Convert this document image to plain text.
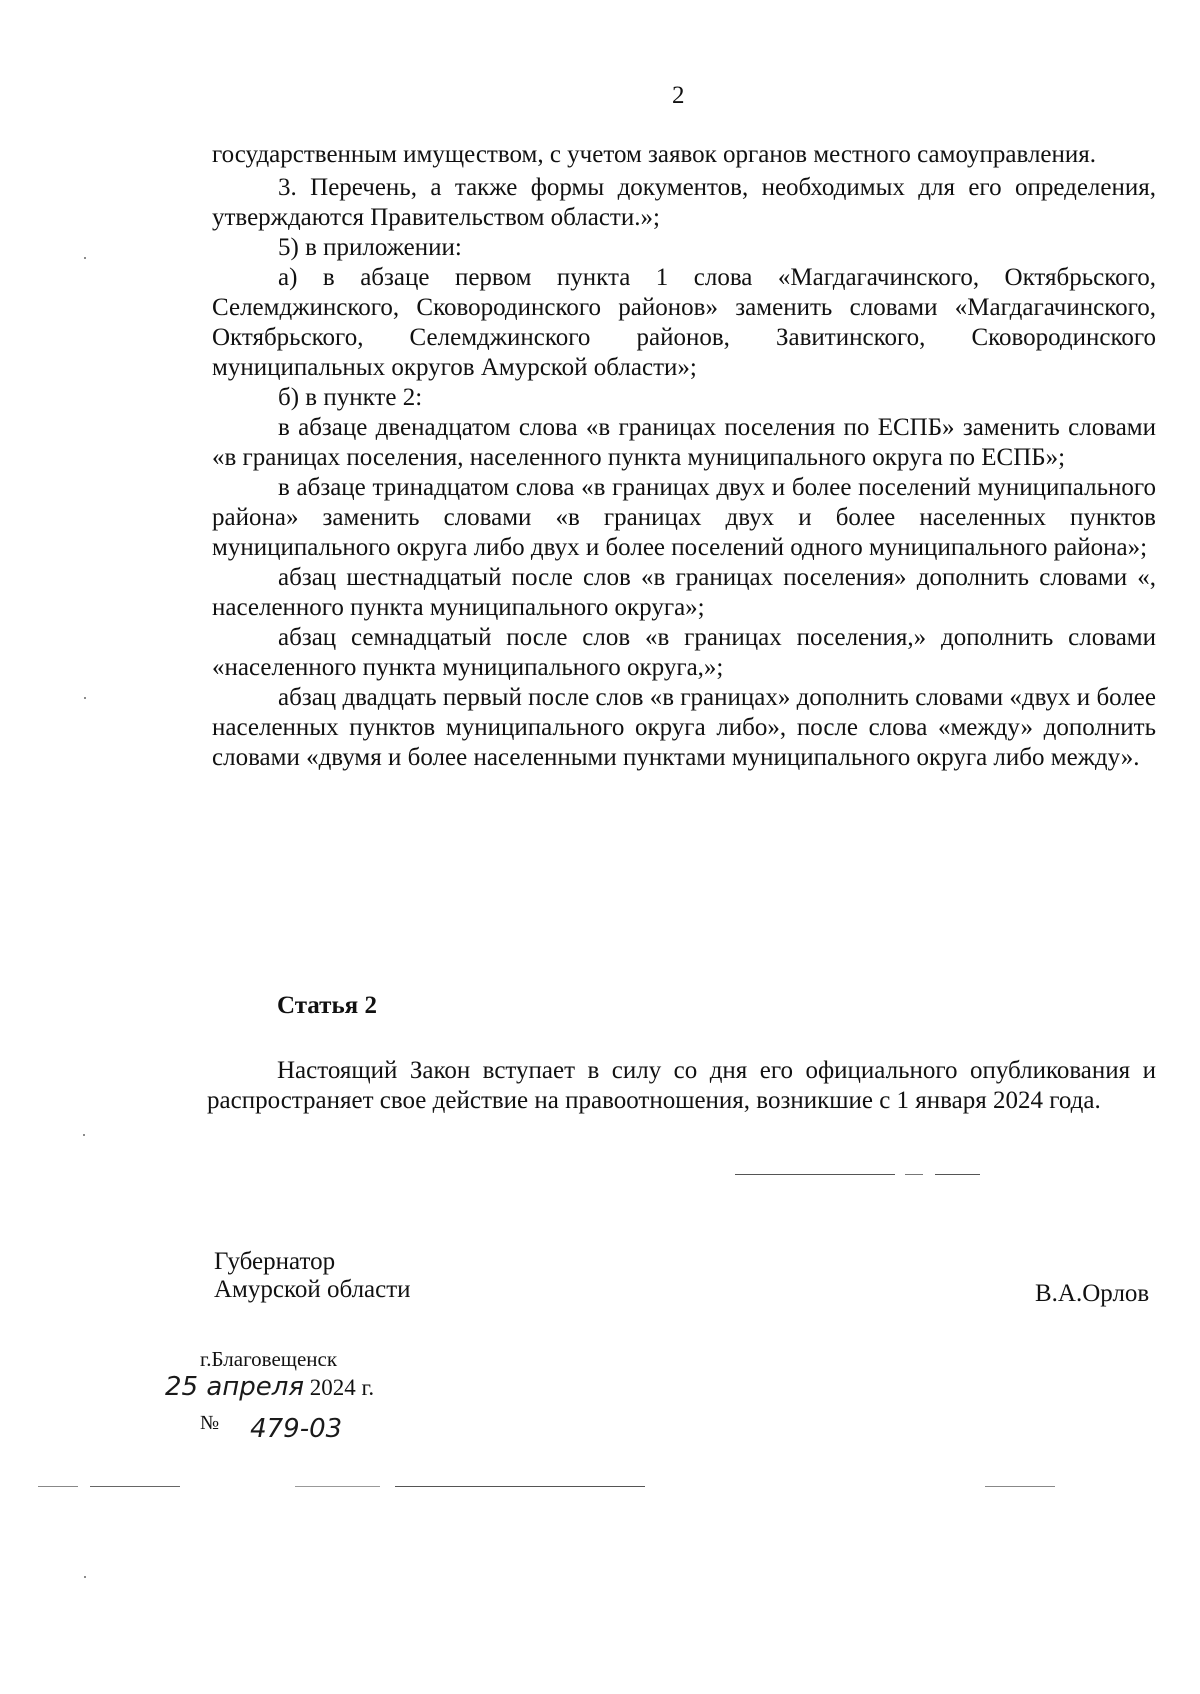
2

государственным имуществом, с учетом заявок органов местного самоуправления.

3. Перечень, а также формы документов, необходимых для его определения, утверждаются Правительством области.»;

5) в приложении:

а) в абзаце первом пункта 1 слова «Магдагачинского, Октябрьского, Селемджинского, Сковородинского районов» заменить словами «Магдагачинского, Октябрьского, Селемджинского районов, Завитинского, Сковородинского муниципальных округов Амурской области»;

б) в пункте 2:

в абзаце двенадцатом слова «в границах поселения по ЕСПБ» заменить словами «в границах поселения, населенного пункта муниципального округа по ЕСПБ»;

в абзаце тринадцатом слова «в границах двух и более поселений муниципального района» заменить словами «в границах двух и более населенных пунктов муниципального округа либо двух и более поселений одного муниципального района»;

абзац шестнадцатый после слов «в границах поселения» дополнить словами «, населенного пункта муниципального округа»;

абзац семнадцатый после слов «в границах поселения,» дополнить словами «населенного пункта муниципального округа,»;

абзац двадцать первый после слов «в границах» дополнить словами «двух и более населенных пунктов муниципального округа либо», после слова «между» дополнить словами «двумя и более населенными пунктами муниципального округа либо между».

Статья 2

Настоящий Закон вступает в силу со дня его официального опубликования и распространяет свое действие на правоотношения, возникшие с 1 января 2024 года.

Губернатор
Амурской области	В.А.Орлов
г.Благовещенск
25 апреля 2024 г.
№ 479-03
